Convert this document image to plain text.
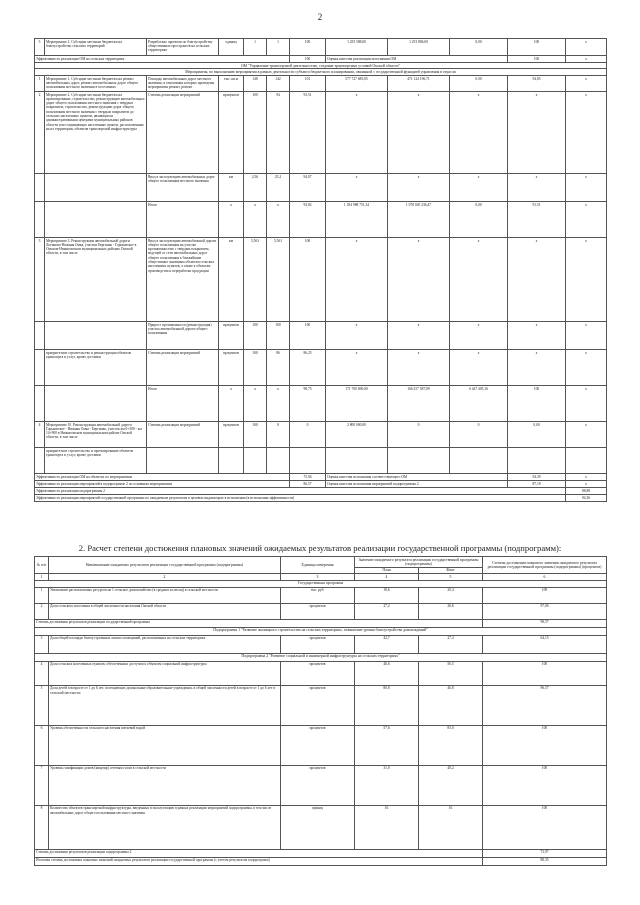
2
3	Мероприятие 2. Субсидии местным бюджетам на благоустройство сельских территорий	Разработано проектов по благоустройству общественных пространств на сельских территориях	единиц	1	1	100	1 255 588,00	1 253 806,00	0,00	100	х
Эффективность реализации ОМ на сельских территориях						100	Оценка качества реализации исполнения ОМ			100	х
ОМ "Управление транспортной деятельностью, создание транспортных условий Омской области"											
Мероприятия, по выполнению мероприятия в рамках деятельности субъекта бюджетного планирования, связанной с государственной функцией управления в отрасли											
1	Мероприятие 1. Субсидии местным бюджетам на ремонт автомобильных дорог, ремонт автомобильных дорог общего пользования местного значения в поселениях	Площадь автомобильных дорог местного значения, в отношении которых проведены мероприятия ремонт, ремонт	тыс. кв.м	148	142	101	577 727 685,05	471 124 196,71	0,00	94,85	х
2	Мероприятие 2. Субсидии местным бюджетам на проектирование, строительство, реконструкцию автомобильных дорог общего пользования местного значения с твердым покрытием, строительство, реконструкцию дорог общего пользования местного значения с твердым покрытием до сельских населенных пунктов, являющихся административными центрами муниципальных районов области или соединяющих населенные пункты, расположенные на их территории, объектов транспортной инфраструктуры	Степень реализации мероприятий	процентов	100	94	93,51	х	х	х	х	х
		Ввод в эксплуатацию автомобильных дорог общего пользования местного значения	км	2,56	25,2	94,07	х	х	х	х	х
		Итого	х	х	х	93,82	1 184 988 751,34	1 078 045 236,47	0,00	91,51	х
3	Мероприятие 3. Реконструкция автомобильной дороги Логиново-Нижняя Омка, участки Бергамак - Горьковское в Омском-Нижнеомском муниципальных районах Омской области, в том числе	Ввод в эксплуатацию автомобильной дороги общего пользования на участке протяженностью с твердым покрытием, ведущей от сети автомобильных дорог общего пользования к ближайшим общественно значимым объектам сельских населенных пунктов, а также к объектам производства и переработки продукции	км	5,561	5,561	100	х	х	х	х	х
		Прирост протяженности (реконструкция) участка автомобильной дороги общего пользования	процентов	100	100	100	х	х	х	х	х
	приоритетное строительство и реконструкция объектов транспорта и услуг, кроме доставки	Степень реализации мероприятий	процентов	100	86	86,25	х	х	х	х	х
		Итого	х	х	х	98,75	171 700 690,00	166 257 587,89	6 447 405,16	100	х
4	Мероприятие 10. Реконструкция автомобильной дороги Горьковское - Нижняя Омка - Бергамак, участок км 0+300 - км 14+900 в Нижнеомском муниципальном районе Омской области, в том числе	Степень реализации мероприятий	процентов	100	0	0	2 800 000,00	0	0	0,00	х
	приоритетное строительство и проектирование объектов транспорта и услуг, кроме доставки										
Эффективность реализации ОМ на объектах по мероприятиям						75,94	Оценка качества исполнения соответствующего ОМ			94,39	х
Эффективность реализации мероприятий в подпрограмме 2 по основным мероприятиям						86,57	Оценка качества исполнения мероприятий подпрограммы 2			87,18	х
Эффективность реализации подпрограммы 2											88,88
Эффективность реализации мероприятий государственной программы по ожидаемым результатам в целевых индикаторах в исполнении (в исполнении эффективности)											94,36
2. Расчет степени достижения плановых значений ожидаемых результатов реализации государственной программы (подпрограмм):
№ п/п	Наименование ожидаемых результатов реализации государственной программы (подпрограммы)	Единица измерения	Значение ожидаемого результата реализации государственной программы (подпрограммы)		Степень достижения планового значения ожидаемого результата реализации государственной программы (подпрограммы) (процентов)
			План	Факт	
1	2	3	4	5	6
Государственная программа					
1	Увеличение располагаемых ресурсов на 1 сельское домохозяйство (в среднем за месяц) в сельской местности	тыс. руб.	18,6	20,4	109
2	Доля сельского населения в общей численности населения Омской области	процентов	27,2	26,6	97,06
Степень достижения результатов реализации государственной программы					98,57
Подпрограмма 1 "Развитие жилищного строительства на сельских территориях, повышение уровня благоустройства домовладений"					
3	Доля общей площади благоустроенных жилых помещений, расположенных на сельских территориях	процентов	42,7	27,4	64,15
Подпрограмма 2 "Развитие социальной и инженерной инфраструктуры на сельских территориях"					
4	Доля сельских населенных пунктов, обеспеченных доступом к объектам социальной инфраструктуры	процентов	46,6	56,5	100
5	Доля детей в возрасте от 1 до 6 лет, посещающих дошкольные образовательные учреждения, в общей численности детей в возрасте от 1 до 6 лет в сельской местности	процентов	80,8	46,8	96,57
6	Уровень обеспеченности сельского населения питьевой водой	процентов	57,6	83,0	100
7	Уровень газификации домов (квартир) сетевым газом в сельской местности	процентов	31,0	40,2	100
8	Количество объектов транспортной инфраструктуры, введенных в эксплуатацию в рамках реализации мероприятий подпрограммы, в том числе автомобильных дорог общего пользования местного значения	единиц	16	16	100
Степень достижения результатов реализации подпрограммы 2					73,97
Итоговая степень достижения плановых значений ожидаемых результатов реализации государственной программы (с учетом результатов подпрограмм)					88,35
